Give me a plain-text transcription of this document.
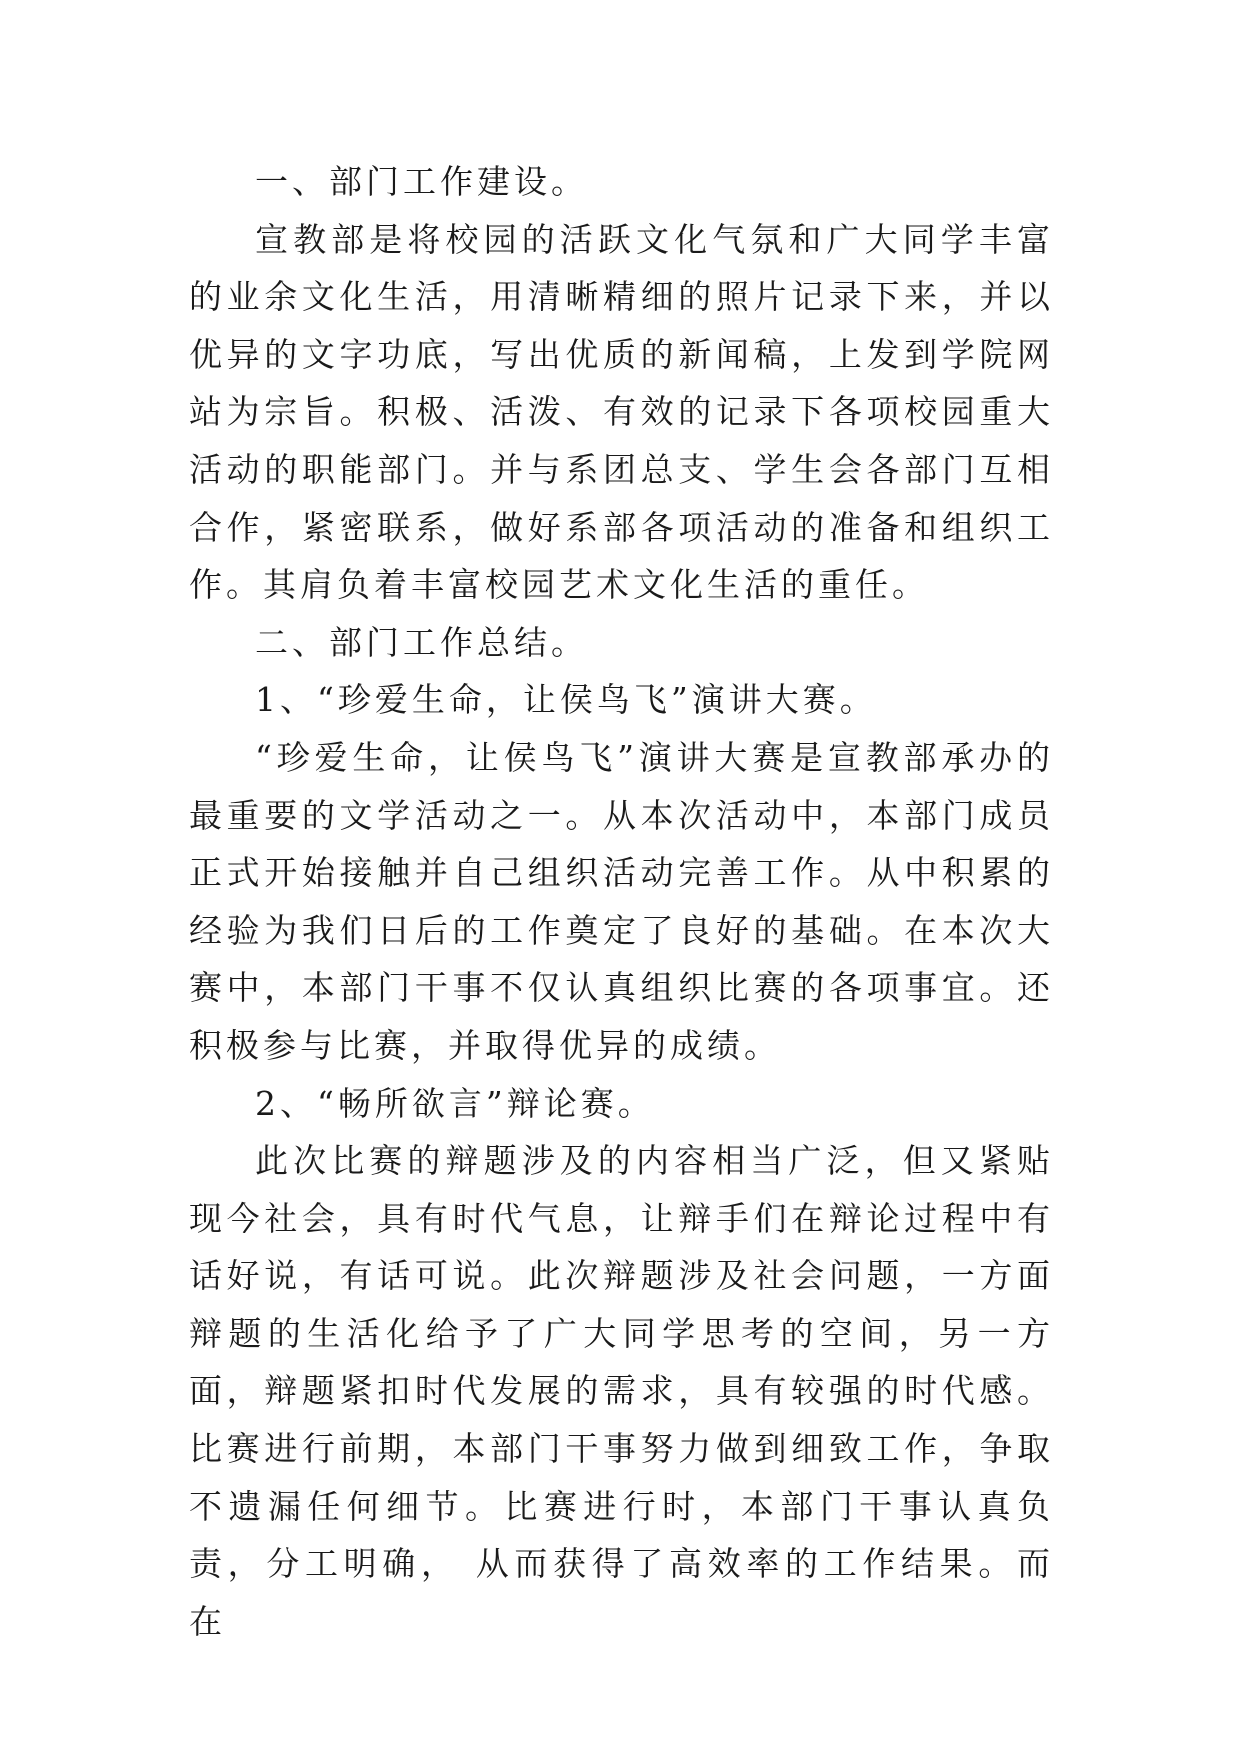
一、部门工作建设。

宣教部是将校园的活跃文化气氛和广大同学丰富的业余文化生活，用清晰精细的照片记录下来，并以优异的文字功底，写出优质的新闻稿，上发到学院网站为宗旨。积极、活泼、有效的记录下各项校园重大活动的职能部门。并与系团总支、学生会各部门互相合作，紧密联系，做好系部各项活动的准备和组织工作。其肩负着丰富校园艺术文化生活的重任。

二、部门工作总结。

1、“珍爱生命，让侯鸟飞”演讲大赛。

“珍爱生命，让侯鸟飞”演讲大赛是宣教部承办的最重要的文学活动之一。从本次活动中，本部门成员正式开始接触并自己组织活动完善工作。从中积累的经验为我们日后的工作奠定了良好的基础。在本次大赛中，本部门干事不仅认真组织比赛的各项事宜。还积极参与比赛，并取得优异的成绩。

2、“畅所欲言”辩论赛。

此次比赛的辩题涉及的内容相当广泛，但又紧贴现今社会，具有时代气息，让辩手们在辩论过程中有话好说，有话可说。此次辩题涉及社会问题，一方面辩题的生活化给予了广大同学思考的空间，另一方面，辩题紧扣时代发展的需求，具有较强的时代感。比赛进行前期，本部门干事努力做到细致工作，争取不遗漏任何细节。比赛进行时，本部门干事认真负责，分工明确， 从而获得了高效率的工作结果。而在
